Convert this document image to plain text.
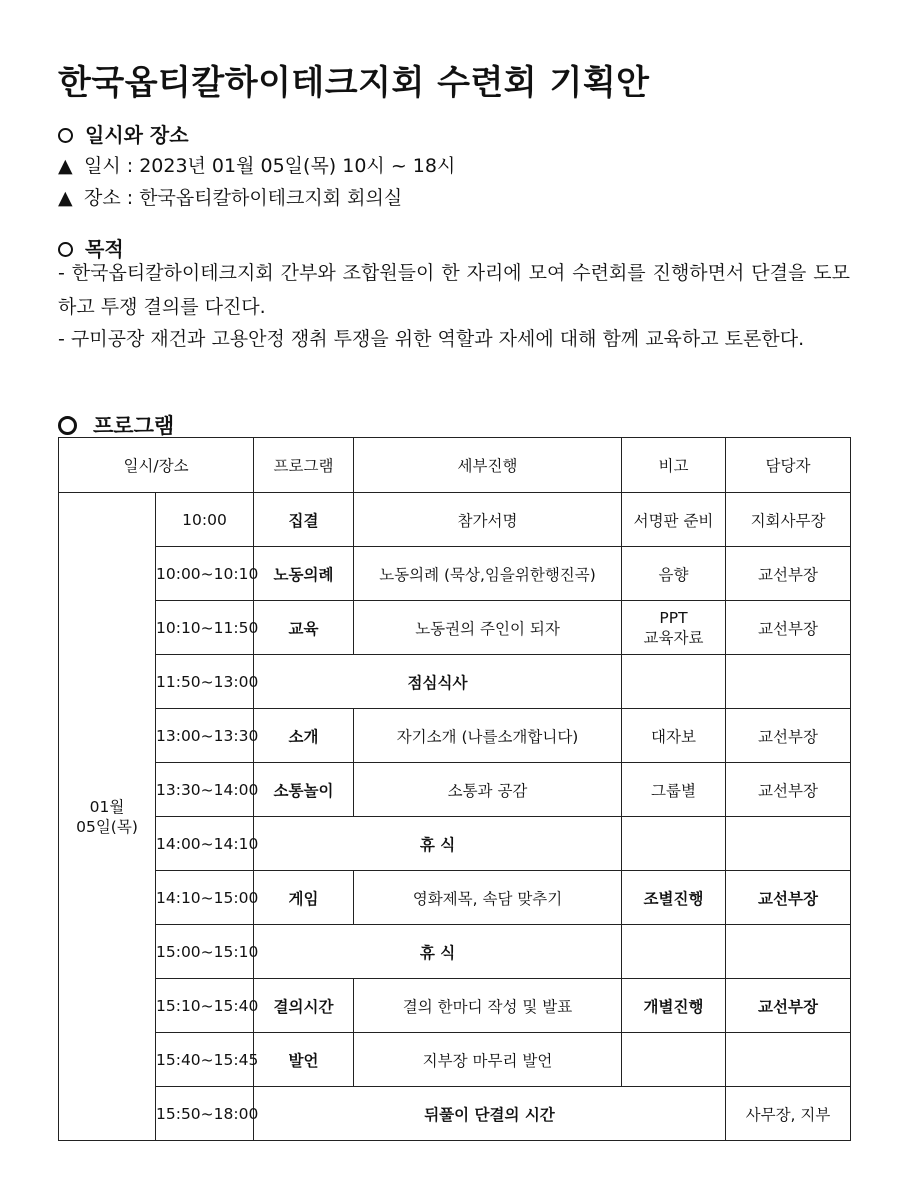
한국옵티칼하이테크지회 수련회 기획안
일시와 장소
▲ 일시 : 2023년 01월 05일(목) 10시 ~ 18시
▲ 장소 : 한국옵티칼하이테크지회 회의실
목적
- 한국옵티칼하이테크지회 간부와 조합원들이 한 자리에 모여 수련회를 진행하면서 단결을 도모하고 투쟁 결의를 다진다.
- 구미공장 재건과 고용안정 쟁취 투쟁을 위한 역할과 자세에 대해 함께 교육하고 토론한다.
프로그램
일시/장소		프로그램	세부진행	비고	담당자

01월
05일(목)	10:00	집결	참가서명	서명판 준비	지회사무장
	10:00~10:10	노동의례	노동의례 (묵상,임을위한행진곡)	음향	교선부장
	10:10~11:50	교육	노동권의 주인이 되자	PPT
교육자료	교선부장
	11:50~13:00	점심식사			
	13:00~13:30	소개	자기소개 (나를소개합니다)	대자보	교선부장
	13:30~14:00	소통놀이	소통과 공감	그룹별	교선부장
	14:00~14:10	휴 식			
	14:10~15:00	게임	영화제목, 속담 맞추기	조별진행	교선부장
	15:00~15:10	휴 식			
	15:10~15:40	결의시간	결의 한마디 작성 및 발표	개별진행	교선부장
	15:40~15:45	발언	지부장 마무리 발언		
	15:50~18:00	뒤풀이 단결의 시간			사무장, 지부
